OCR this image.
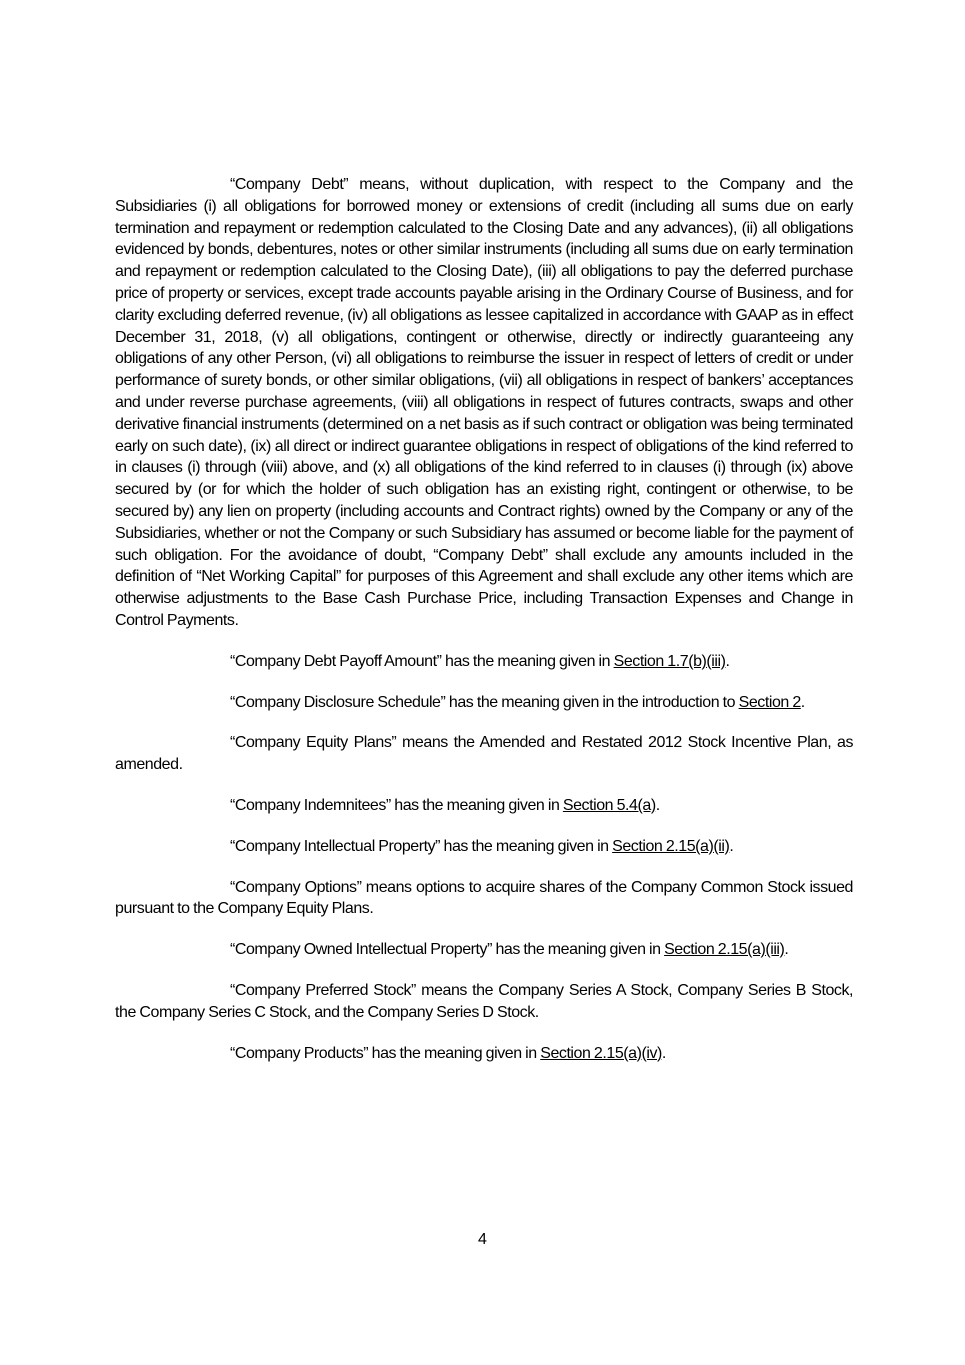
“Company Debt” means, without duplication, with respect to the Company and the Subsidiaries (i) all obligations for borrowed money or extensions of credit (including all sums due on early termination and repayment or redemption calculated to the Closing Date and any advances), (ii) all obligations evidenced by bonds, debentures, notes or other similar instruments (including all sums due on early termination and repayment or redemption calculated to the Closing Date), (iii) all obligations to pay the deferred purchase price of property or services, except trade accounts payable arising in the Ordinary Course of Business, and for clarity excluding deferred revenue, (iv) all obligations as lessee capitalized in accordance with GAAP as in effect December 31, 2018, (v) all obligations, contingent or otherwise, directly or indirectly guaranteeing any obligations of any other Person, (vi) all obligations to reimburse the issuer in respect of letters of credit or under performance of surety bonds, or other similar obligations, (vii) all obligations in respect of bankers’ acceptances and under reverse purchase agreements, (viii) all obligations in respect of futures contracts, swaps and other derivative financial instruments (determined on a net basis as if such contract or obligation was being terminated early on such date), (ix) all direct or indirect guarantee obligations in respect of obligations of the kind referred to in clauses (i) through (viii) above, and (x) all obligations of the kind referred to in clauses (i) through (ix) above secured by (or for which the holder of such obligation has an existing right, contingent or otherwise, to be secured by) any lien on property (including accounts and Contract rights) owned by the Company or any of the Subsidiaries, whether or not the Company or such Subsidiary has assumed or become liable for the payment of such obligation. For the avoidance of doubt, “Company Debt” shall exclude any amounts included in the definition of “Net Working Capital” for purposes of this Agreement and shall exclude any other items which are otherwise adjustments to the Base Cash Purchase Price, including Transaction Expenses and Change in Control Payments.

“Company Debt Payoff Amount” has the meaning given in Section 1.7(b)(iii).

“Company Disclosure Schedule” has the meaning given in the introduction to Section 2.

“Company Equity Plans” means the Amended and Restated 2012 Stock Incentive Plan, as amended.

“Company Indemnitees” has the meaning given in Section 5.4(a).

“Company Intellectual Property” has the meaning given in Section 2.15(a)(ii).

“Company Options” means options to acquire shares of the Company Common Stock issued pursuant to the Company Equity Plans.

“Company Owned Intellectual Property” has the meaning given in Section 2.15(a)(iii).

“Company Preferred Stock” means the Company Series A Stock, Company Series B Stock, the Company Series C Stock, and the Company Series D Stock.

“Company Products” has the meaning given in Section 2.15(a)(iv).

4
